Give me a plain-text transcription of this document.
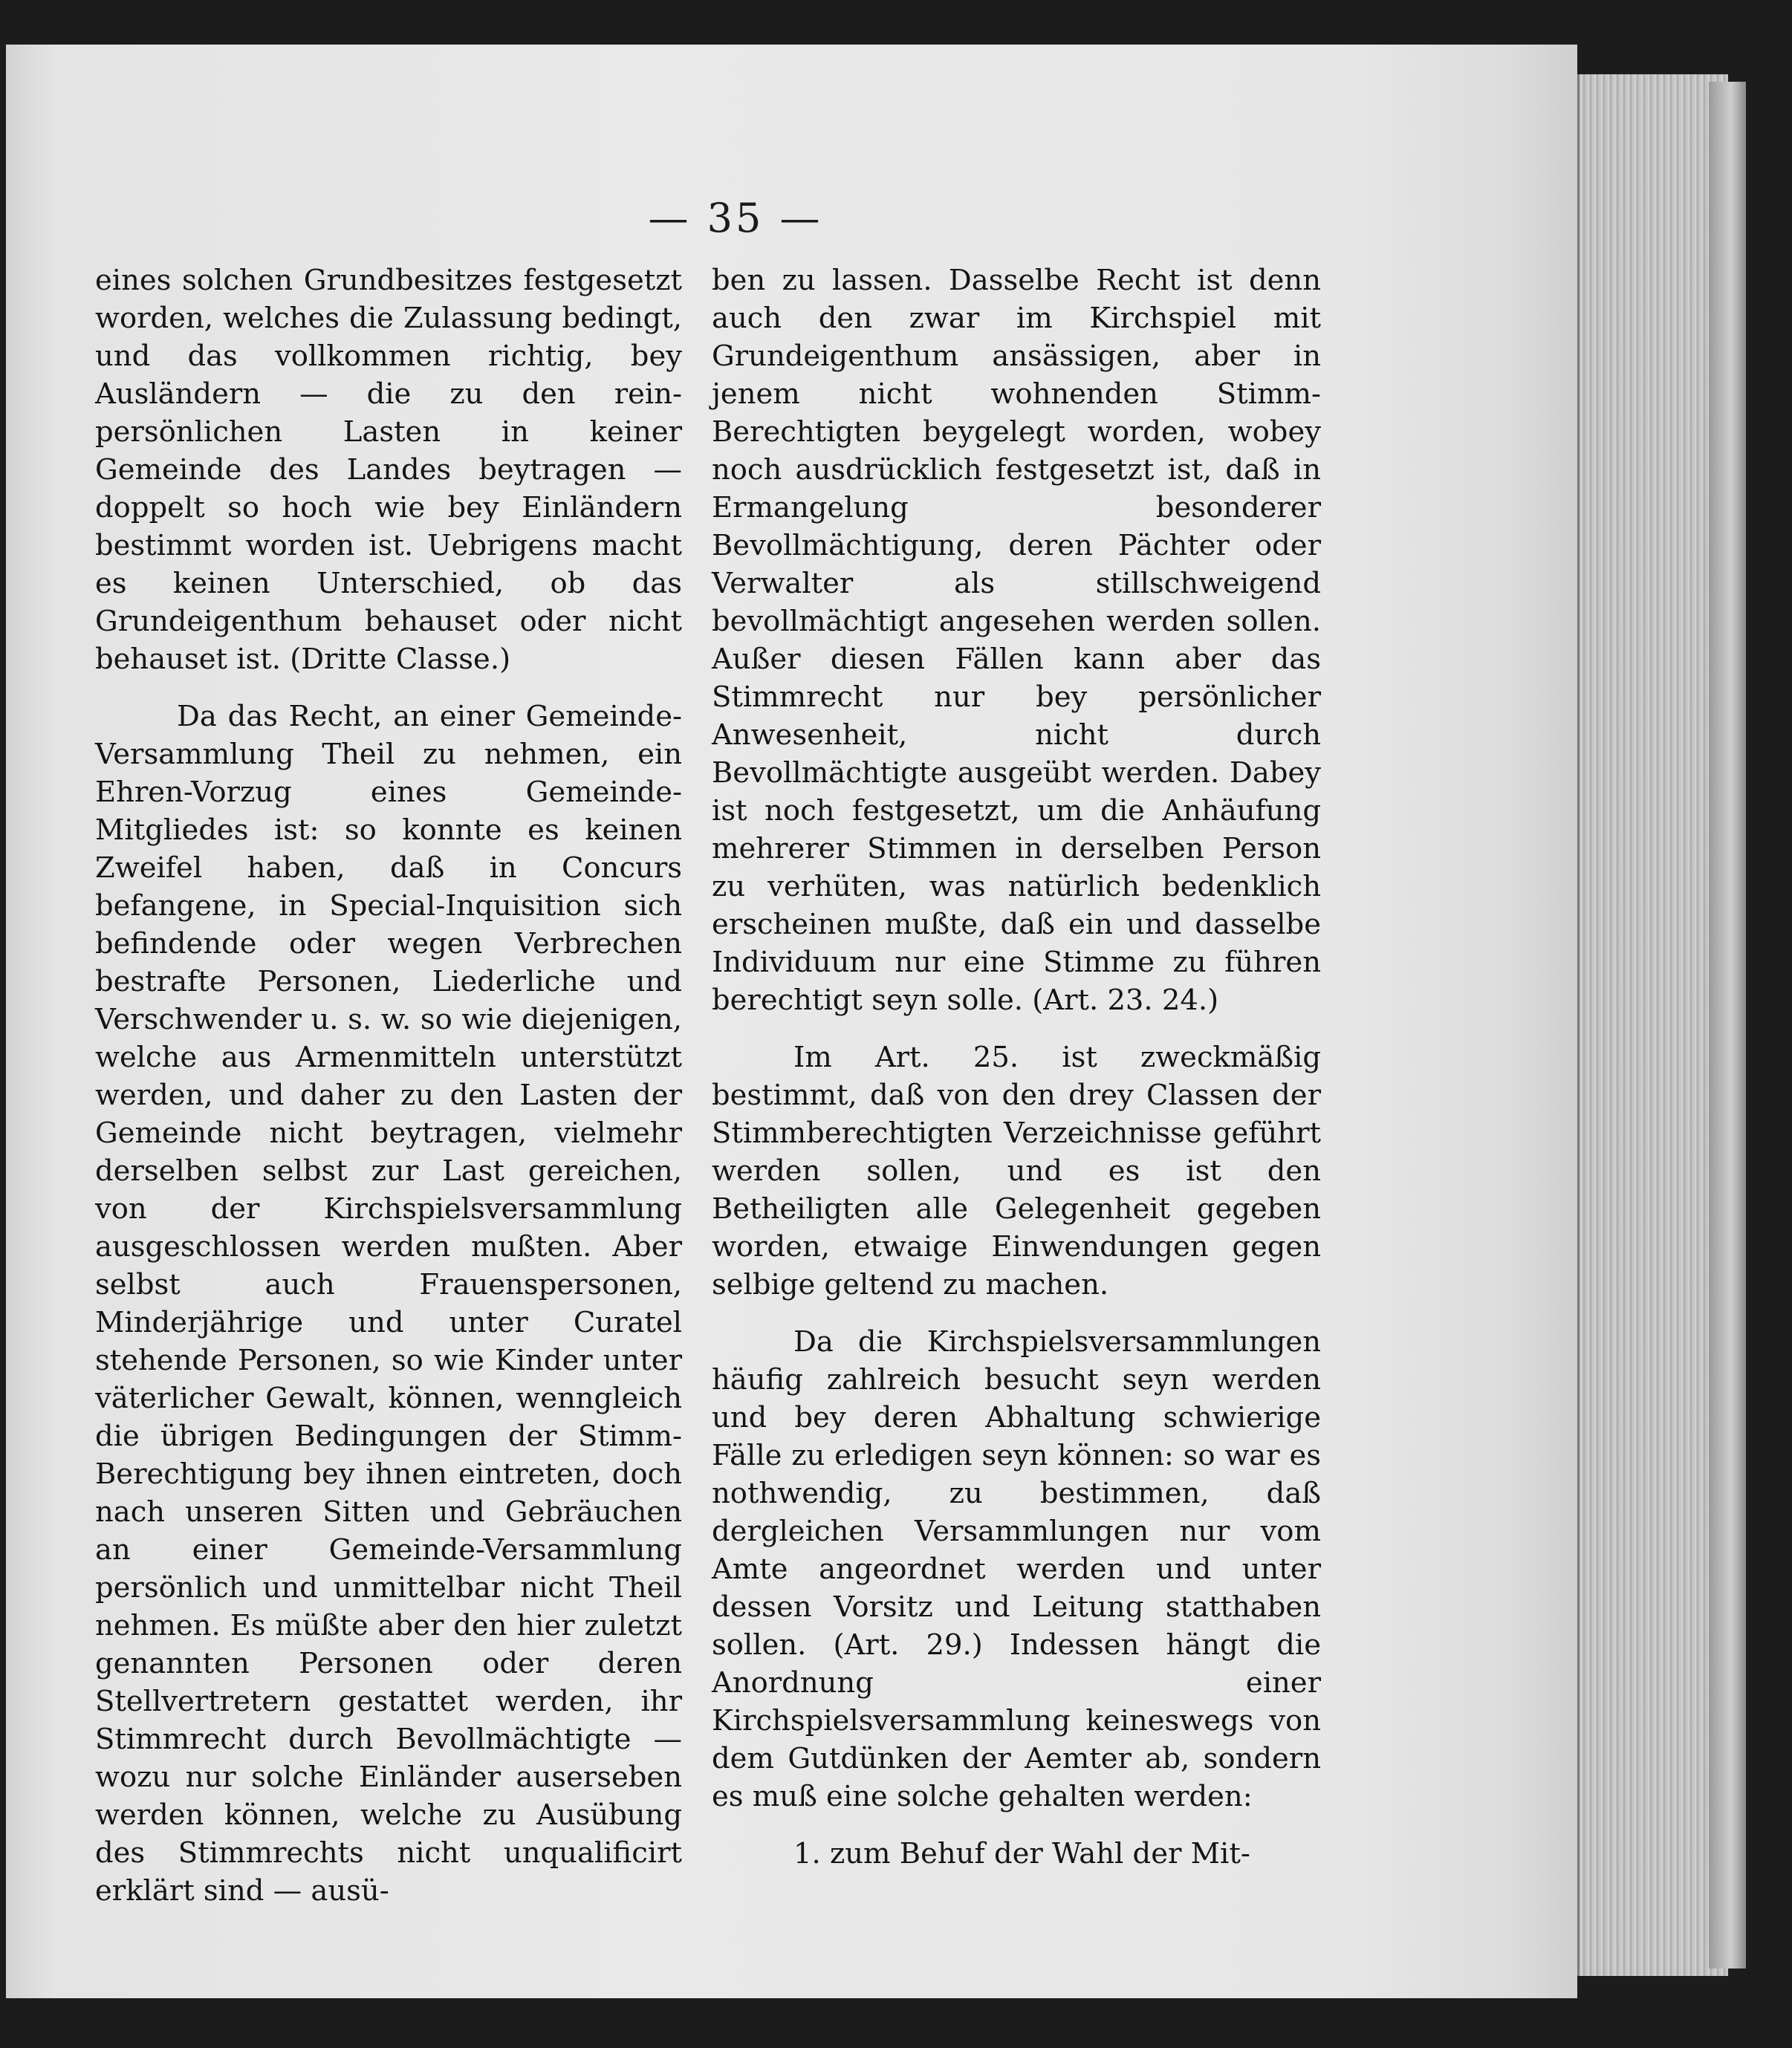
— 35 —

eines solchen Grundbesitzes festgesetzt worden, welches die Zulassung bedingt, und das vollkommen richtig, bey Ausländern — die zu den rein-persönlichen Lasten in keiner Gemeinde des Landes beytragen — doppelt so hoch wie bey Einländern bestimmt worden ist. Uebrigens macht es keinen Unterschied, ob das Grundeigenthum behauset oder nicht behauset ist. (Dritte Classe.)

Da das Recht, an einer Gemeinde-Versammlung Theil zu nehmen, ein Ehren-Vorzug eines Gemeinde-Mitgliedes ist: so konnte es keinen Zweifel haben, daß in Concurs befangene, in Special-Inquisition sich befindende oder wegen Verbrechen bestrafte Personen, Liederliche und Verschwender u. s. w. so wie diejenigen, welche aus Armenmitteln unterstützt werden, und daher zu den Lasten der Gemeinde nicht beytragen, vielmehr derselben selbst zur Last gereichen, von der Kirchspielsversammlung ausgeschlossen werden mußten. Aber selbst auch Frauenspersonen, Minderjährige und unter Curatel stehende Personen, so wie Kinder unter väterlicher Gewalt, können, wenngleich die übrigen Bedingungen der Stimm-Berechtigung bey ihnen eintreten, doch nach unseren Sitten und Gebräuchen an einer Gemeinde-Versammlung persönlich und unmittelbar nicht Theil nehmen. Es müßte aber den hier zuletzt genannten Personen oder deren Stellvertretern gestattet werden, ihr Stimmrecht durch Bevollmächtigte — wozu nur solche Einländer auserseben werden können, welche zu Ausübung des Stimmrechts nicht unqualificirt erklärt sind — ausü-

ben zu lassen. Dasselbe Recht ist denn auch den zwar im Kirchspiel mit Grundeigenthum ansässigen, aber in jenem nicht wohnenden Stimm-Berechtigten beygelegt worden, wobey noch ausdrücklich festgesetzt ist, daß in Ermangelung besonderer Bevollmächtigung, deren Pächter oder Verwalter als stillschweigend bevollmächtigt angesehen werden sollen. Außer diesen Fällen kann aber das Stimmrecht nur bey persönlicher Anwesenheit, nicht durch Bevollmächtigte ausgeübt werden. Dabey ist noch festgesetzt, um die Anhäufung mehrerer Stimmen in derselben Person zu verhüten, was natürlich bedenklich erscheinen mußte, daß ein und dasselbe Individuum nur eine Stimme zu führen berechtigt seyn solle. (Art. 23. 24.)

Im Art. 25. ist zweckmäßig bestimmt, daß von den drey Classen der Stimmberechtigten Verzeichnisse geführt werden sollen, und es ist den Betheiligten alle Gelegenheit gegeben worden, etwaige Einwendungen gegen selbige geltend zu machen.

Da die Kirchspielsversammlungen häufig zahlreich besucht seyn werden und bey deren Abhaltung schwierige Fälle zu erledigen seyn können: so war es nothwendig, zu bestimmen, daß dergleichen Versammlungen nur vom Amte angeordnet werden und unter dessen Vorsitz und Leitung statthaben sollen. (Art. 29.) Indessen hängt die Anordnung einer Kirchspielsversammlung keineswegs von dem Gutdünken der Aemter ab, sondern es muß eine solche gehalten werden:

1. zum Behuf der Wahl der Mit-
